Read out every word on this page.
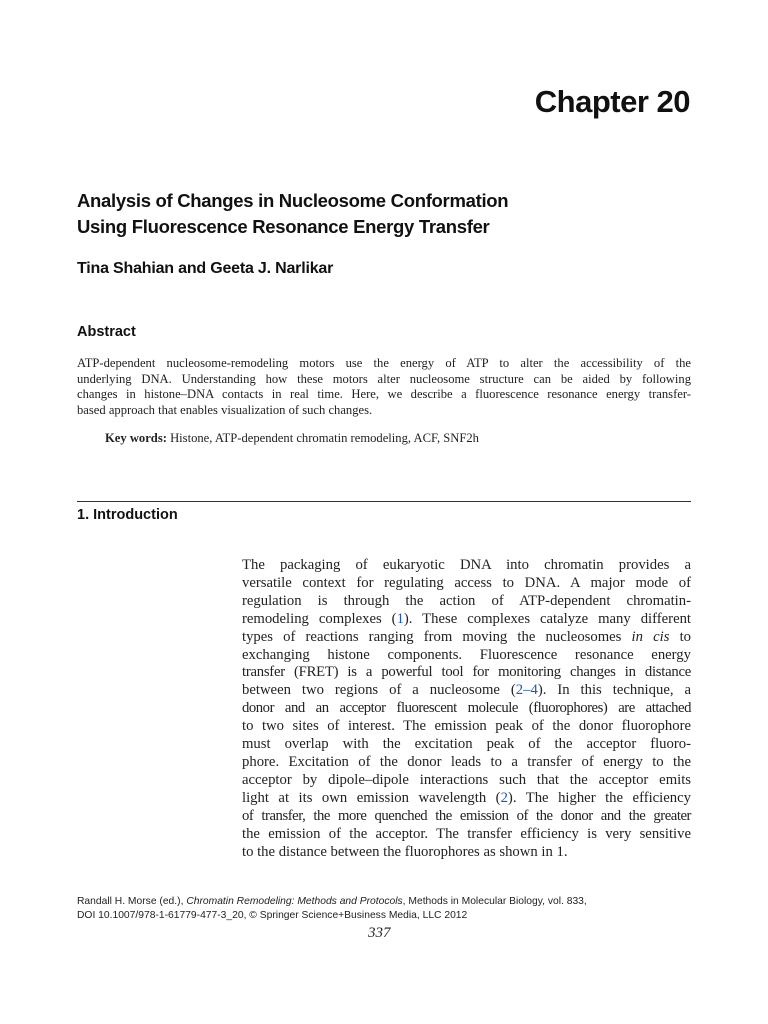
Chapter 20
Analysis of Changes in Nucleosome Conformation
Using Fluorescence Resonance Energy Transfer
Tina Shahian and Geeta J. Narlikar
Abstract
ATP-dependent nucleosome-remodeling motors use the energy of ATP to alter the accessibility of the
underlying DNA. Understanding how these motors alter nucleosome structure can be aided by following
changes in histone–DNA contacts in real time. Here, we describe a fluorescence resonance energy transfer-
based approach that enables visualization of such changes.
Key words: Histone, ATP-dependent chromatin remodeling, ACF, SNF2h
1. Introduction
The packaging of eukaryotic DNA into chromatin provides a
versatile context for regulating access to DNA. A major mode of
regulation is through the action of ATP-dependent chromatin-
remodeling complexes (1). These complexes catalyze many different
types of reactions ranging from moving the nucleosomes in cis to
exchanging histone components. Fluorescence resonance energy
transfer (FRET) is a powerful tool for monitoring changes in distance
between two regions of a nucleosome (2–4). In this technique, a
donor and an acceptor fluorescent molecule (fluorophores) are attached
to two sites of interest. The emission peak of the donor fluorophore
must overlap with the excitation peak of the acceptor fluoro-
phore. Excitation of the donor leads to a transfer of energy to the
acceptor by dipole–dipole interactions such that the acceptor emits
light at its own emission wavelength (2). The higher the efficiency
of transfer, the more quenched the emission of the donor and the greater
the emission of the acceptor. The transfer efficiency is very sensitive
to the distance between the fluorophores as shown in 1.
Randall H. Morse (ed.), Chromatin Remodeling: Methods and Protocols, Methods in Molecular Biology, vol. 833,
DOI 10.1007/978-1-61779-477-3_20, © Springer Science+Business Media, LLC 2012
337
